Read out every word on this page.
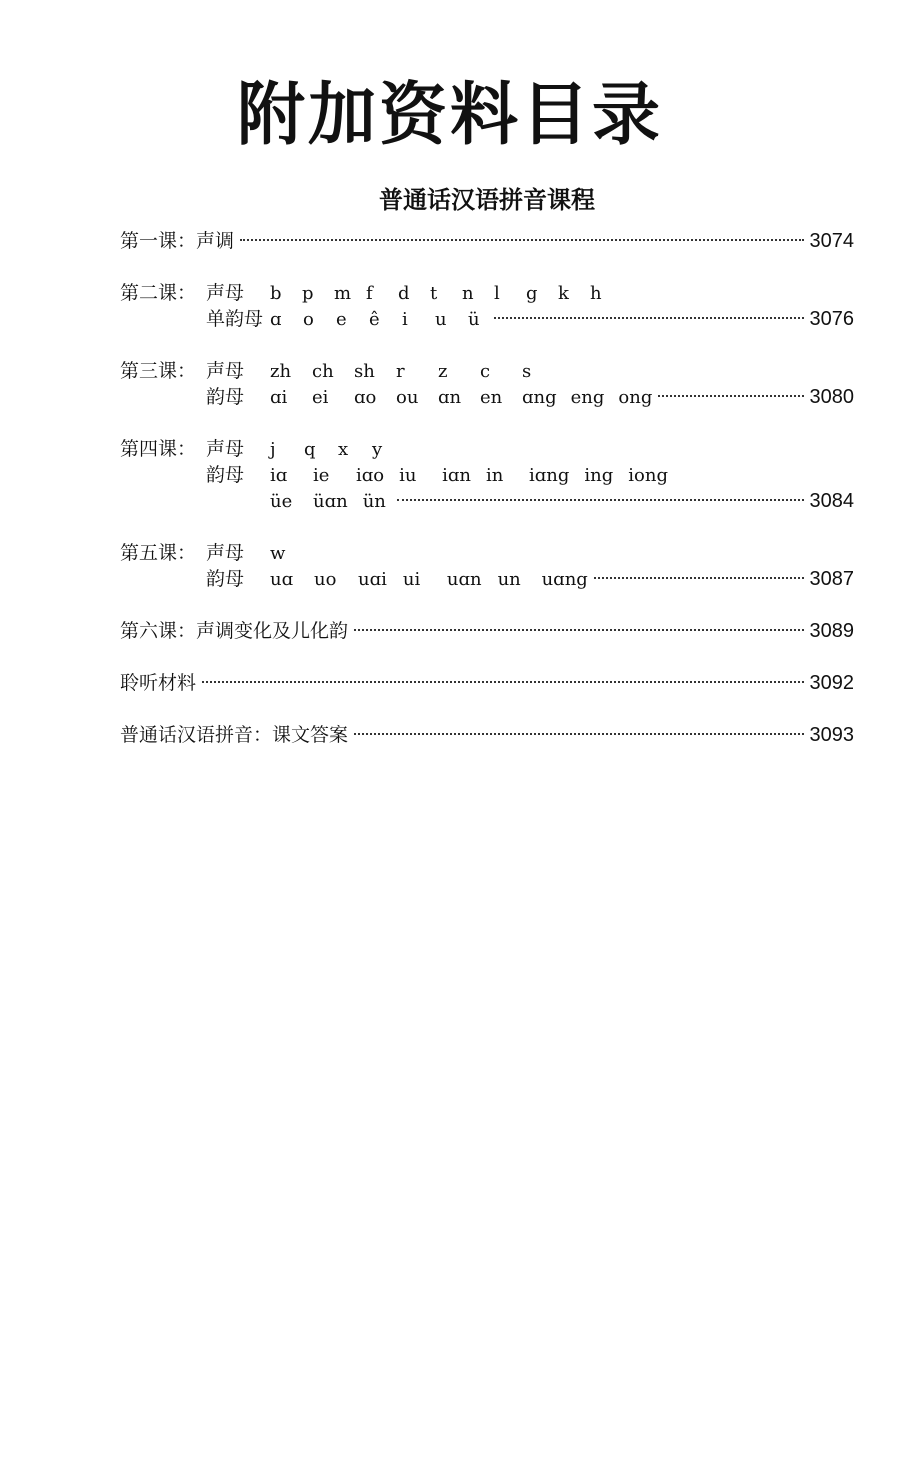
附加资料目录
普通话汉语拼音课程
第一课：声调	3074
第二课： 声母	b	p	m f	d	t	n	l	g	k	h
单韵母 ɑ	o	e	ê	i	u	ü	3076
第三课： 声母	zh ch sh r	z	c	s
韵母	ɑi	ei	ɑo	ou	ɑn en	ɑng eng ong	3080
第四课： 声母	j	q	x	y
韵母	iɑ	ie	iɑo iu	iɑn in	iɑng ing iong
üe	üɑn ün	3084
第五课： 声母	w
韵母	uɑ uo	uɑi ui	uɑn un uɑng	3087
第六课：声调变化及儿化韵	3089
聆听材料	3092
普通话汉语拼音：课文答案	3093
